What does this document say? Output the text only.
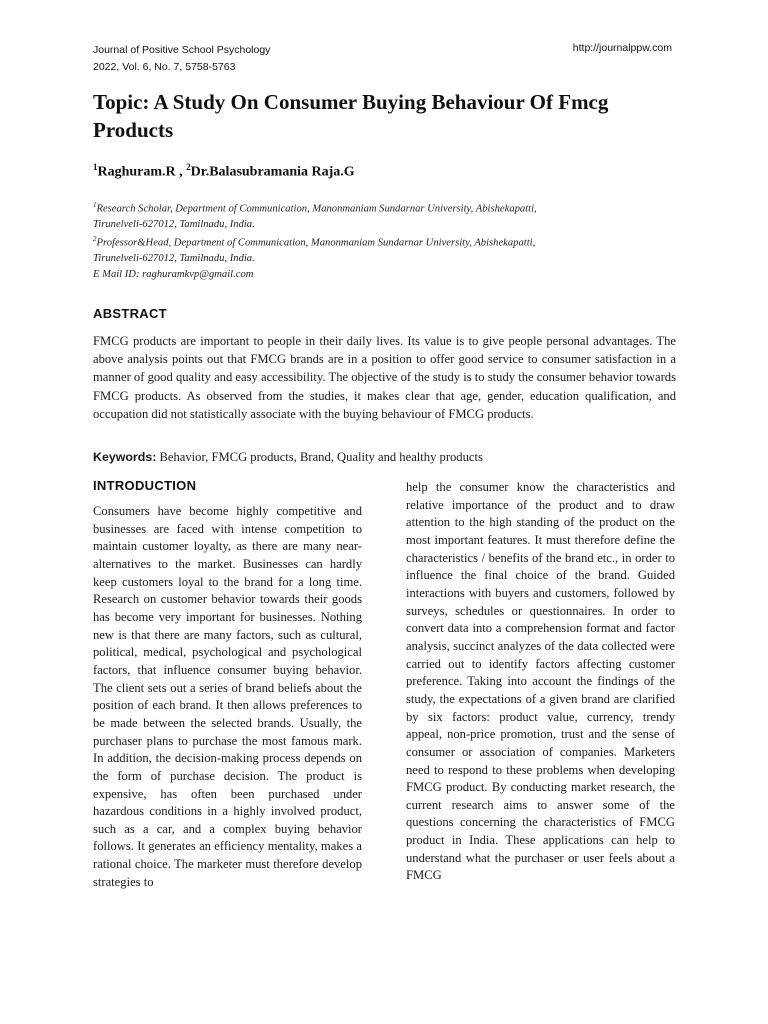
Journal of Positive School Psychology
2022, Vol. 6, No. 7, 5758-5763
http://journalppw.com
Topic: A Study On Consumer Buying Behaviour Of Fmcg Products
$^1$Raghuram.R , $^2$Dr.Balasubramania Raja.G
$^1$Research Scholar, Department of Communication, Manonmaniam Sundarnar University, Abishekapatti,
Tirunelveli-627012, Tamilnadu, India.
$^2$Professor&Head, Department of Communication, Manonmaniam Sundarnar University, Abishekapatti,
Tirunelveli-627012, Tamilnadu, India.
E Mail ID: raghuramkvp@gmail.com
ABSTRACT

FMCG products are important to people in their daily lives. Its value is to give people personal advantages. The above analysis points out that FMCG brands are in a position to offer good service to consumer satisfaction in a manner of good quality and easy accessibility. The objective of the study is to study the consumer behavior towards FMCG products. As observed from the studies, it makes clear that age, gender, education qualification, and occupation did not statistically associate with the buying behaviour of FMCG products.

Keywords: Behavior, FMCG products, Brand, Quality and healthy products
INTRODUCTION

Consumers have become highly competitive and businesses are faced with intense competition to maintain customer loyalty, as there are many near-alternatives to the market. Businesses can hardly keep customers loyal to the brand for a long time. Research on customer behavior towards their goods has become very important for businesses. Nothing new is that there are many factors, such as cultural, political, medical, psychological and psychological factors, that influence consumer buying behavior. The client sets out a series of brand beliefs about the position of each brand. It then allows preferences to be made between the selected brands. Usually, the purchaser plans to purchase the most famous mark. In addition, the decision-making process depends on the form of purchase decision. The product is expensive, has often been purchased under hazardous conditions in a highly involved product, such as a car, and a complex buying behavior follows. It generates an efficiency mentality, makes a rational choice. The marketer must therefore develop strategies to

help the consumer know the characteristics and relative importance of the product and to draw attention to the high standing of the product on the most important features. It must therefore define the characteristics / benefits of the brand etc., in order to influence the final choice of the brand. Guided interactions with buyers and customers, followed by surveys, schedules or questionnaires. In order to convert data into a comprehension format and factor analysis, succinct analyzes of the data collected were carried out to identify factors affecting customer preference. Taking into account the findings of the study, the expectations of a given brand are clarified by six factors: product value, currency, trendy appeal, non-price promotion, trust and the sense of consumer or association of companies. Marketers need to respond to these problems when developing FMCG product. By conducting market research, the current research aims to answer some of the questions concerning the characteristics of FMCG product in India. These applications can help to understand what the purchaser or user feels about a FMCG
